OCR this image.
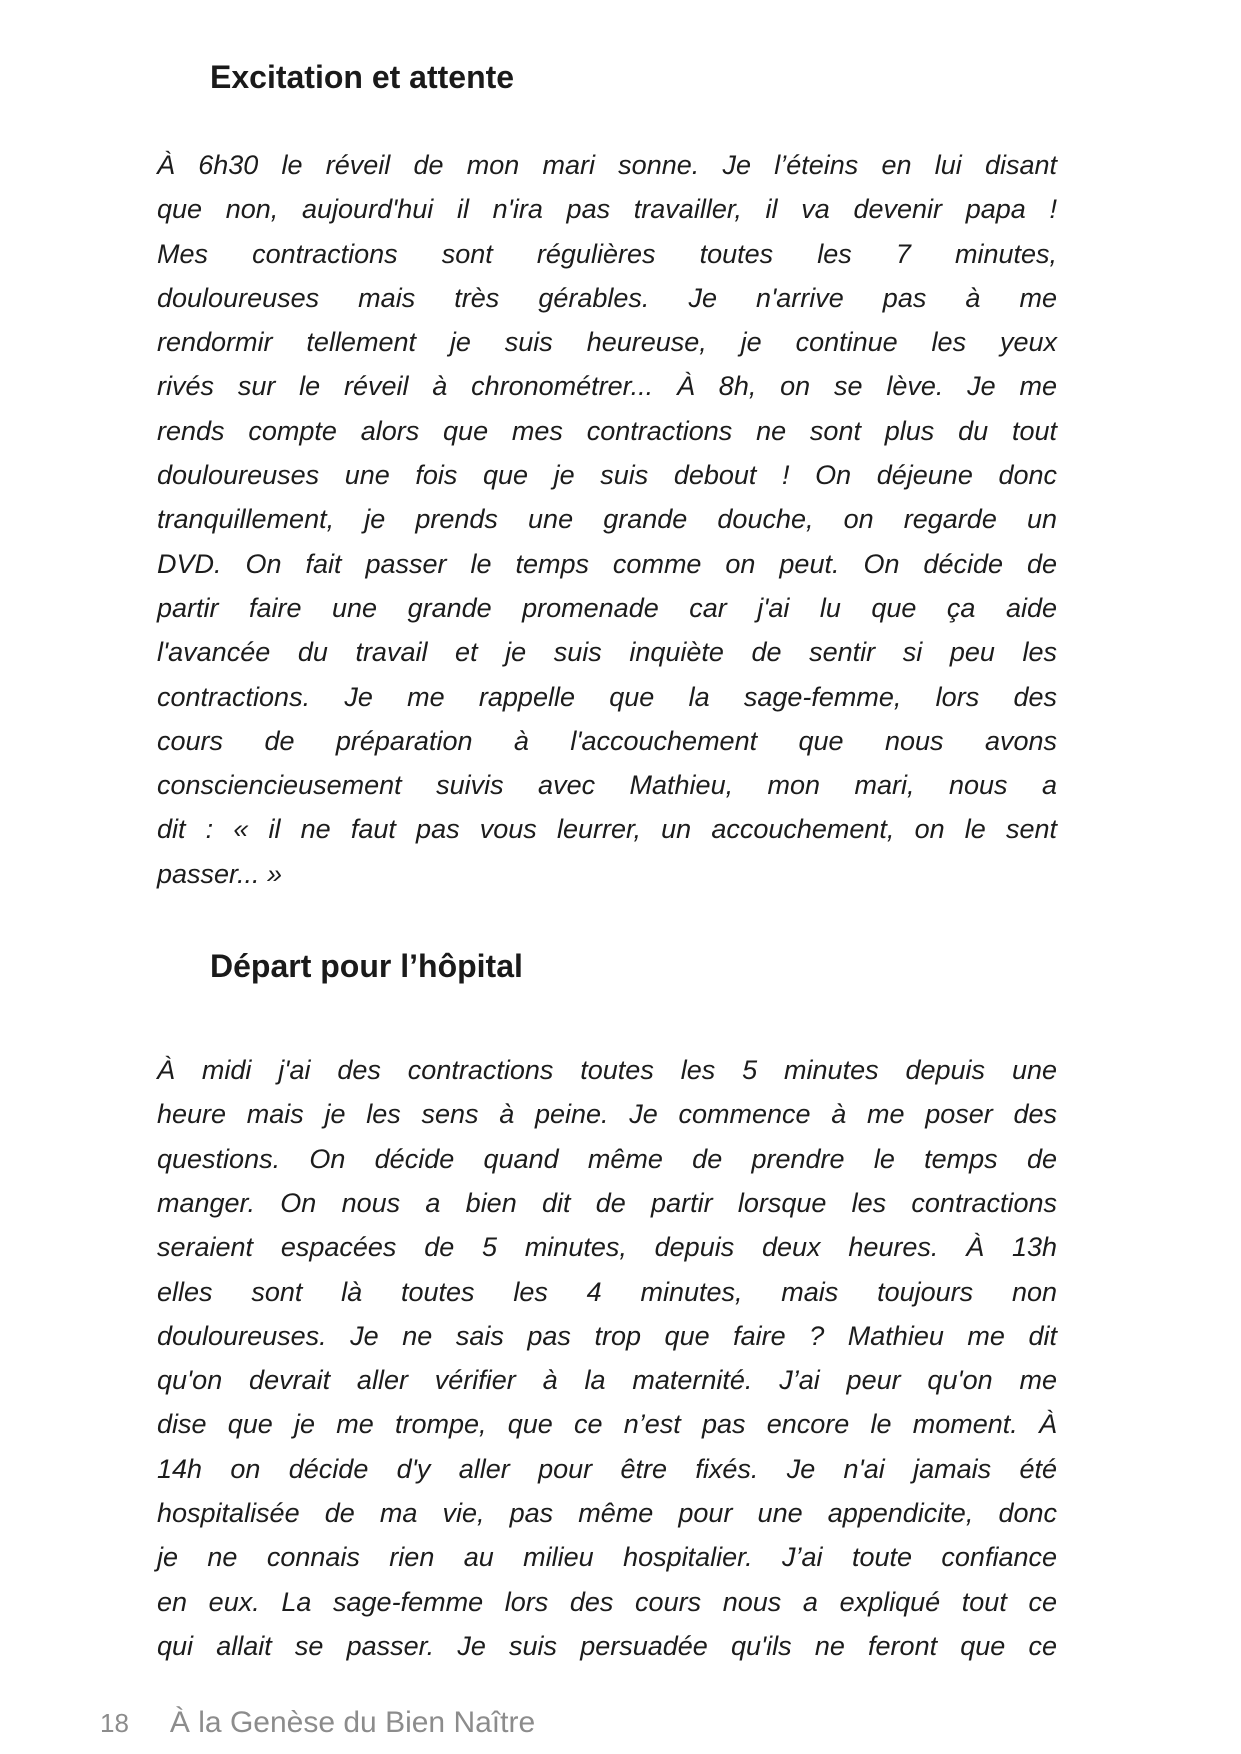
Excitation et attente
À 6h30 le réveil de mon mari sonne. Je l’éteins en lui disant
que non, aujourd'hui il n'ira pas travailler, il va devenir papa !
Mes contractions sont régulières toutes les 7 minutes,
douloureuses mais très gérables. Je n'arrive pas à me
rendormir tellement je suis heureuse, je continue les yeux
rivés sur le réveil à chronométrer... À 8h, on se lève. Je me
rends compte alors que mes contractions ne sont plus du tout
douloureuses une fois que je suis debout ! On déjeune donc
tranquillement, je prends une grande douche, on regarde un
DVD. On fait passer le temps comme on peut. On décide de
partir faire une grande promenade car j'ai lu que ça aide
l'avancée du travail et je suis inquiète de sentir si peu les
contractions. Je me rappelle que la sage-femme, lors des
cours de préparation à l'accouchement que nous avons
consciencieusement suivis avec Mathieu, mon mari, nous a
dit : « il ne faut pas vous leurrer, un accouchement, on le sent
passer... »
Départ pour l’hôpital
À midi j'ai des contractions toutes les 5 minutes depuis une
heure mais je les sens à peine. Je commence à me poser des
questions. On décide quand même de prendre le temps de
manger. On nous a bien dit de partir lorsque les contractions
seraient espacées de 5 minutes, depuis deux heures. À 13h
elles sont là toutes les 4 minutes, mais toujours non
douloureuses. Je ne sais pas trop que faire ? Mathieu me dit
qu'on devrait aller vérifier à la maternité. J’ai peur qu'on me
dise que je me trompe, que ce n’est pas encore le moment. À
14h on décide d'y aller pour être fixés. Je n'ai jamais été
hospitalisée de ma vie, pas même pour une appendicite, donc
je ne connais rien au milieu hospitalier. J’ai toute confiance
en eux. La sage-femme lors des cours nous a expliqué tout ce
qui allait se passer. Je suis persuadée qu'ils ne feront que ce
18 À la Genèse du Bien Naître
